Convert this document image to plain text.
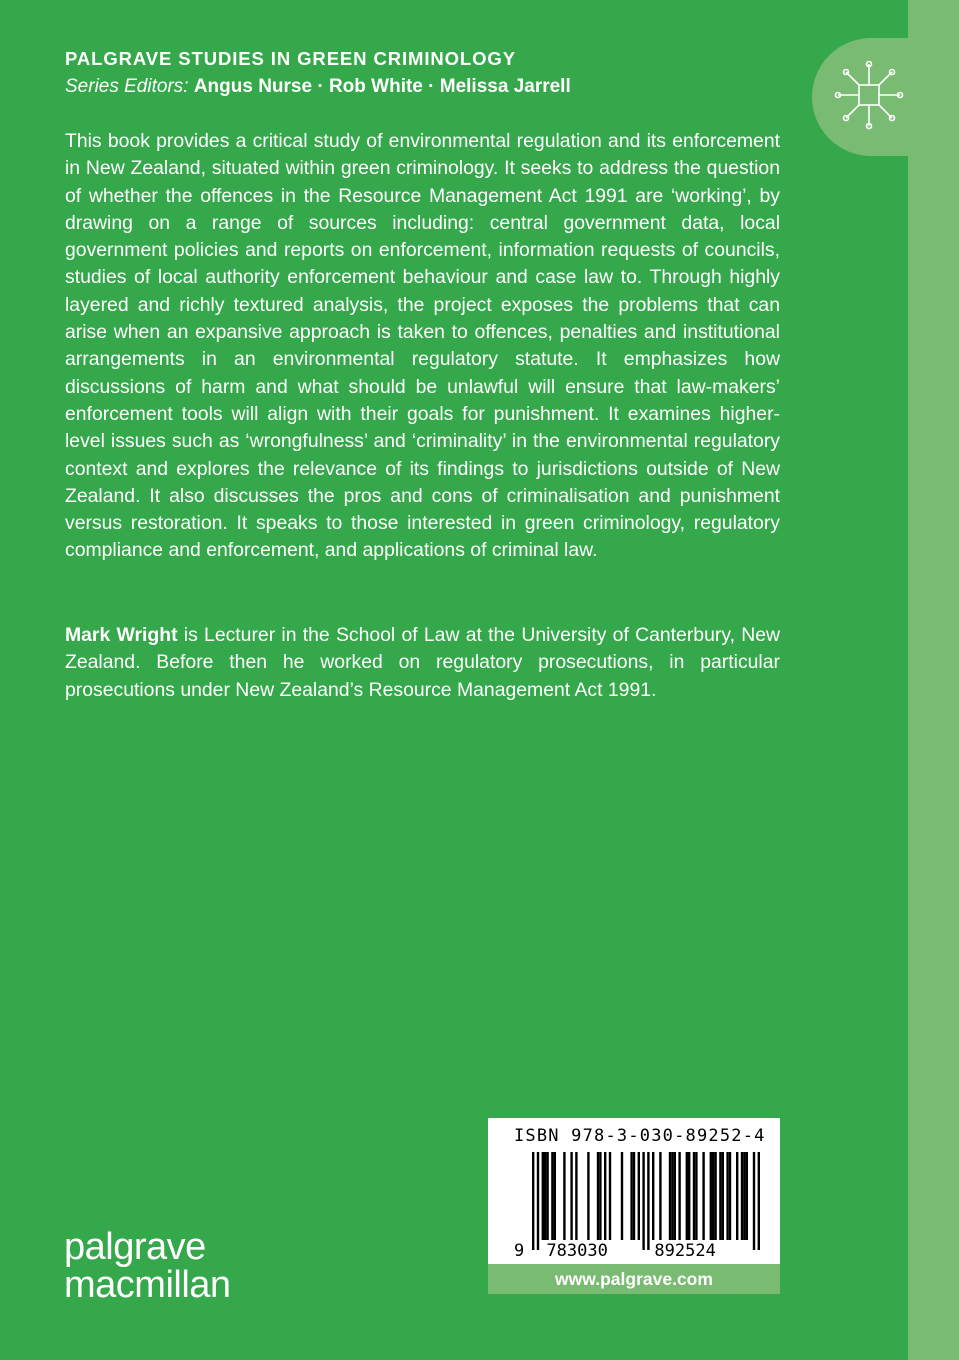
PALGRAVE STUDIES IN GREEN CRIMINOLOGY
Series Editors: Angus Nurse · Rob White · Melissa Jarrell
This book provides a critical study of environmental regulation and its enforcement in New Zealand, situated within green criminology. It seeks to address the question of whether the offences in the Resource Management Act 1991 are ‘working’, by drawing on a range of sources including: central government data, local government policies and reports on enforcement, information requests of councils, studies of local authority enforcement behaviour and case law to. Through highly layered and richly textured analysis, the project exposes the problems that can arise when an expansive approach is taken to offences, penalties and institutional arrangements in an environmental regulatory statute. It emphasizes how discussions of harm and what should be unlawful will ensure that law-makers’ enforcement tools will align with their goals for punishment. It examines higher-level issues such as ‘wrongfulness’ and ‘criminality’ in the environmental regulatory context and explores the relevance of its findings to jurisdictions outside of New Zealand. It also discusses the pros and cons of criminalisation and punishment versus restoration. It speaks to those interested in green criminology, regulatory compliance and enforcement, and applications of criminal law.
Mark Wright is Lecturer in the School of Law at the University of Canterbury, New Zealand. Before then he worked on regulatory prosecutions, in particular prosecutions under New Zealand’s Resource Management Act 1991.
palgrave
macmillan
ISBN 978-3-030-89252-4
9 783030	892524
www.palgrave.com
